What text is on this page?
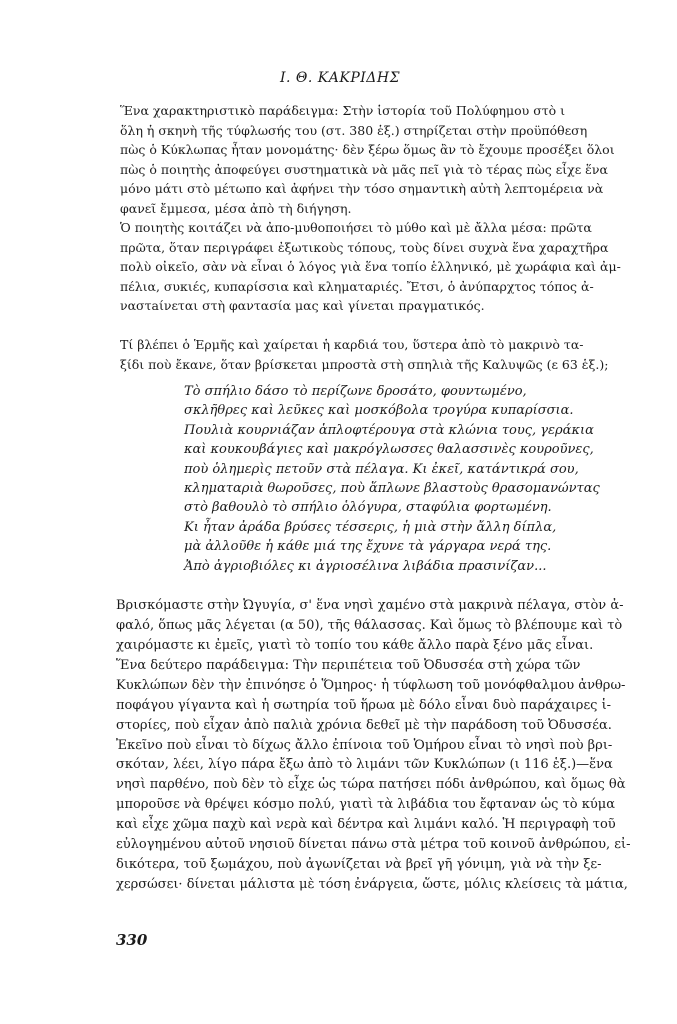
Ι. Θ. ΚΑΚΡΙΔΗΣ
Ἕνα χαρακτηριστικὸ παράδειγμα: Στὴν ἱστορία τοῦ Πολύφημου στὸ ι
ὅλη ἡ σκηνὴ τῆς τύφλωσής του (στ. 380 ἑξ.) στηρίζεται στὴν προϋπόθεση
πὼς ὁ Κύκλωπας ἦταν μονομάτης· δὲν ξέρω ὅμως ἂν τὸ ἔχουμε προσέξει ὅλοι
πὼς ὁ ποιητὴς ἀποφεύγει συστηματικὰ νὰ μᾶς πεῖ γιὰ τὸ τέρας πὼς εἶχε ἕνα
μόνο μάτι στὸ μέτωπο καὶ ἀφήνει τὴν τόσο σημαντικὴ αὐτὴ λεπτομέρεια νὰ
φανεῖ ἔμμεσα, μέσα ἀπὸ τὴ διήγηση.
Ὁ ποιητὴς κοιτάζει νὰ ἀπο-μυθοποιήσει τὸ μύθο καὶ μὲ ἄλλα μέσα: πρῶτα
πρῶτα, ὅταν περιγράφει ἐξωτικοὺς τόπους, τοὺς δίνει συχνὰ ἕνα χαραχτῆρα
πολὺ οἰκεῖο, σὰν νὰ εἶναι ὁ λόγος γιὰ ἕνα τοπίο ἑλληνικό, μὲ χωράφια καὶ ἀμ-
πέλια, συκιές, κυπαρίσσια καὶ κληματαριές. Ἔτσι, ὁ ἀνύπαρχτος τόπος ἀ-
ναστaίνεται στὴ φαντασία μας καὶ γίνεται πραγματικός.
Τί βλέπει ὁ Ἑρμῆς καὶ χαίρεται ἡ καρδιά του, ὕστερα ἀπὸ τὸ μακρινὸ τα-
ξίδι ποὺ ἔκανε, ὅταν βρίσκεται μπροστὰ στὴ σπηλιὰ τῆς Καλυψῶς (ε 63 ἑξ.);
Τὸ σπήλιο δάσο τὸ περίζωνε δροσάτο, φουντωμένο,
σκλῆθρες καὶ λεῦκες καὶ μοσκόβολα τρογύρα κυπαρίσσια.
Πουλιὰ κουρνιάζαν ἁπλοφτέρουγα στὰ κλώνια τους, γεράκια
καὶ κουκουβάγιες καὶ μακρόγλωσσες θαλασσινὲς κουροῦνες,
ποὺ ὁλημερὶς πετοῦν στὰ πέλαγα. Κι ἐκεῖ, κατάντικρά σου,
κληματαριὰ θωροῦσες, ποὺ ἅπλωνε βλαστοὺς θρασομανώντας
στὸ βαθουλὸ τὸ σπήλιο ὁλόγυρα, σταφύλια φορτωμένη.
Κι ἦταν ἀράδα βρύσες τέσσερις, ἡ μιὰ στὴν ἄλλη δίπλα,
μὰ ἀλλοῦθε ἡ κάθε μιά της ἔχυνε τὰ γάργαρα νερά της.
Ἀπὸ ἀγριοβιόλες κι ἀγριοσέλινα λιβάδια πρασινίζαν...
Βρισκόμαστε στὴν Ὠγυγία, σ' ἕνα νησὶ χαμένο στὰ μακρινὰ πέλαγα, στὸν ἀ-
φαλό, ὅπως μᾶς λέγεται (α 50), τῆς θάλασσας. Καὶ ὅμως τὸ βλέπουμε καὶ τὸ
χαιρόμαστε κι ἐμεῖς, γιατὶ τὸ τοπίο του κάθε ἄλλο παρὰ ξένο μᾶς εἶναι.
Ἕνα δεύτερο παράδειγμα: Τὴν περιπέτεια τοῦ Ὀδυσσέα στὴ χώρα τῶν
Κυκλώπων δὲν τὴν ἐπινόησε ὁ Ὅμηρος· ἡ τύφλωση τοῦ μονόφθαλμου ἀνθρω-
ποφάγου γίγαντα καὶ ἡ σωτηρία τοῦ ἥρωα μὲ δόλο εἶναι δυὸ παράχαιρες ἱ-
στορίες, ποὺ εἶχαν ἀπὸ παλιὰ χρόνια δεθεῖ μὲ τὴν παράδοση τοῦ Ὀδυσσέα.
Ἐκεῖνο ποὺ εἶναι τὸ δίχως ἄλλο ἐπίνοια τοῦ Ὁμήρου εἶναι τὸ νησὶ ποὺ βρι-
σκόταν, λέει, λίγο πάρα ἔξω ἀπὸ τὸ λιμάνι τῶν Κυκλώπων (ι 116 ἑξ.)—ἕνα
νησὶ παρθένο, ποὺ δὲν τὸ εἶχε ὡς τώρα πατήσει πόδι ἀνθρώπου, καὶ ὅμως θὰ
μποροῦσε νὰ θρέψει κόσμο πολύ, γιατὶ τὰ λιβάδια του ἔφταναν ὡς τὸ κύμα
καὶ εἶχε χῶμα παχὺ καὶ νερὰ καὶ δέντρα καὶ λιμάνι καλό. Ἡ περιγραφὴ τοῦ
εὐλογημένου αὐτοῦ νησιοῦ δίνεται πάνω στὰ μέτρα τοῦ κοινοῦ ἀνθρώπου, εἰ-
δικότερα, τοῦ ξωμάχου, ποὺ ἀγωνίζεται νὰ βρεῖ γῆ γόνιμη, γιὰ νὰ τὴν ξε-
χερσώσει· δίνεται μάλιστα μὲ τόση ἐνάργεια, ὥστε, μόλις κλείσεις τὰ μάτια,
330
